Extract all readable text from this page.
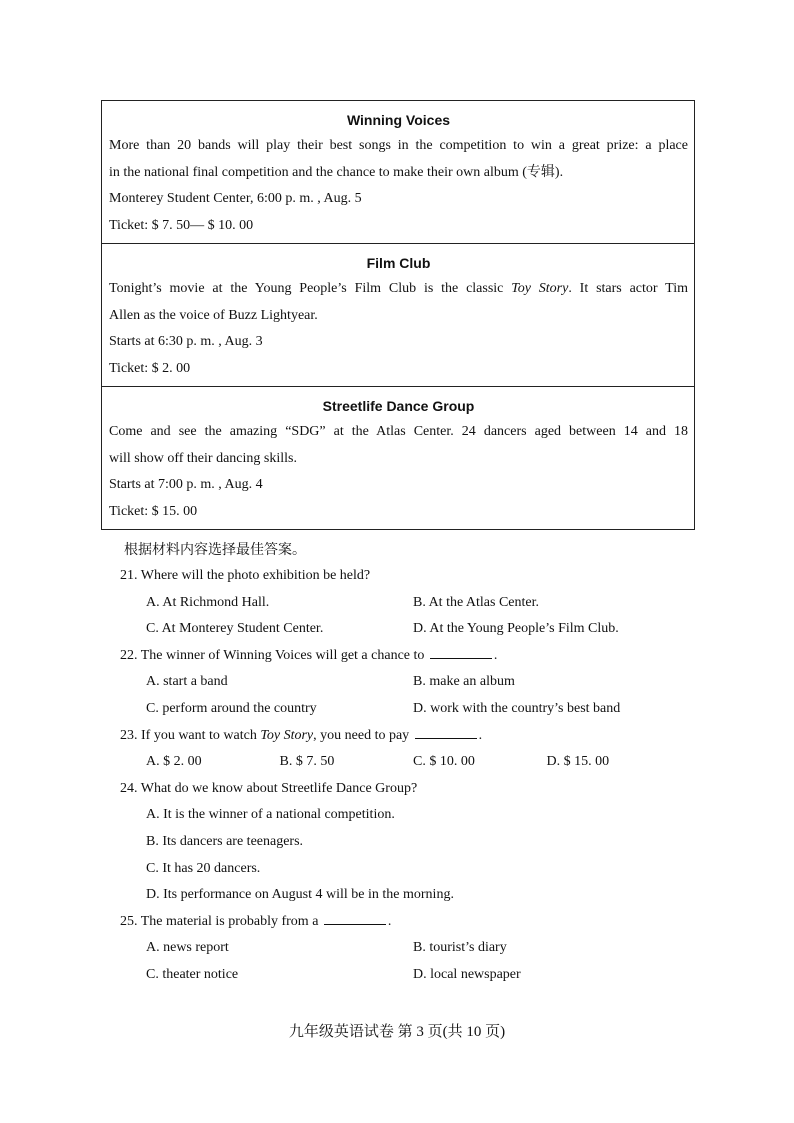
Winning Voices
More than 20 bands will play their best songs in the competition to win a great prize: a place
in the national final competition and the chance to make their own album (专辑).
Monterey Student Center, 6:00 p. m. , Aug. 5
Ticket: $ 7. 50— $ 10. 00
Film Club
Tonight’s movie at the Young People’s Film Club is the classic Toy Story. It stars actor Tim
Allen as the voice of Buzz Lightyear.
Starts at 6:30 p. m. , Aug. 3
Ticket: $ 2. 00
Streetlife Dance Group
Come and see the amazing “SDG” at the Atlas Center. 24 dancers aged between 14 and 18
will show off their dancing skills.
Starts at 7:00 p. m. , Aug. 4
Ticket: $ 15. 00
根据材料内容选择最佳答案。
21. Where will the photo exhibition be held?
A. At Richmond Hall.	B. At the Atlas Center.
C. At Monterey Student Center.	D. At the Young People’s Film Club.
22. The winner of Winning Voices will get a chance to	.
A. start a band	B. make an album
C. perform around the country	D. work with the country’s best band
23. If you want to watch Toy Story, you need to pay	.
A. $ 2. 00	B. $ 7. 50	C. $ 10. 00	D. $ 15. 00
24. What do we know about Streetlife Dance Group?
A. It is the winner of a national competition.
B. Its dancers are teenagers.
C. It has 20 dancers.
D. Its performance on August 4 will be in the morning.
25. The material is probably from a	.
A. news report	B. tourist’s diary
C. theater notice	D. local newspaper
九年级英语试卷 第 3 页(共 10 页)
